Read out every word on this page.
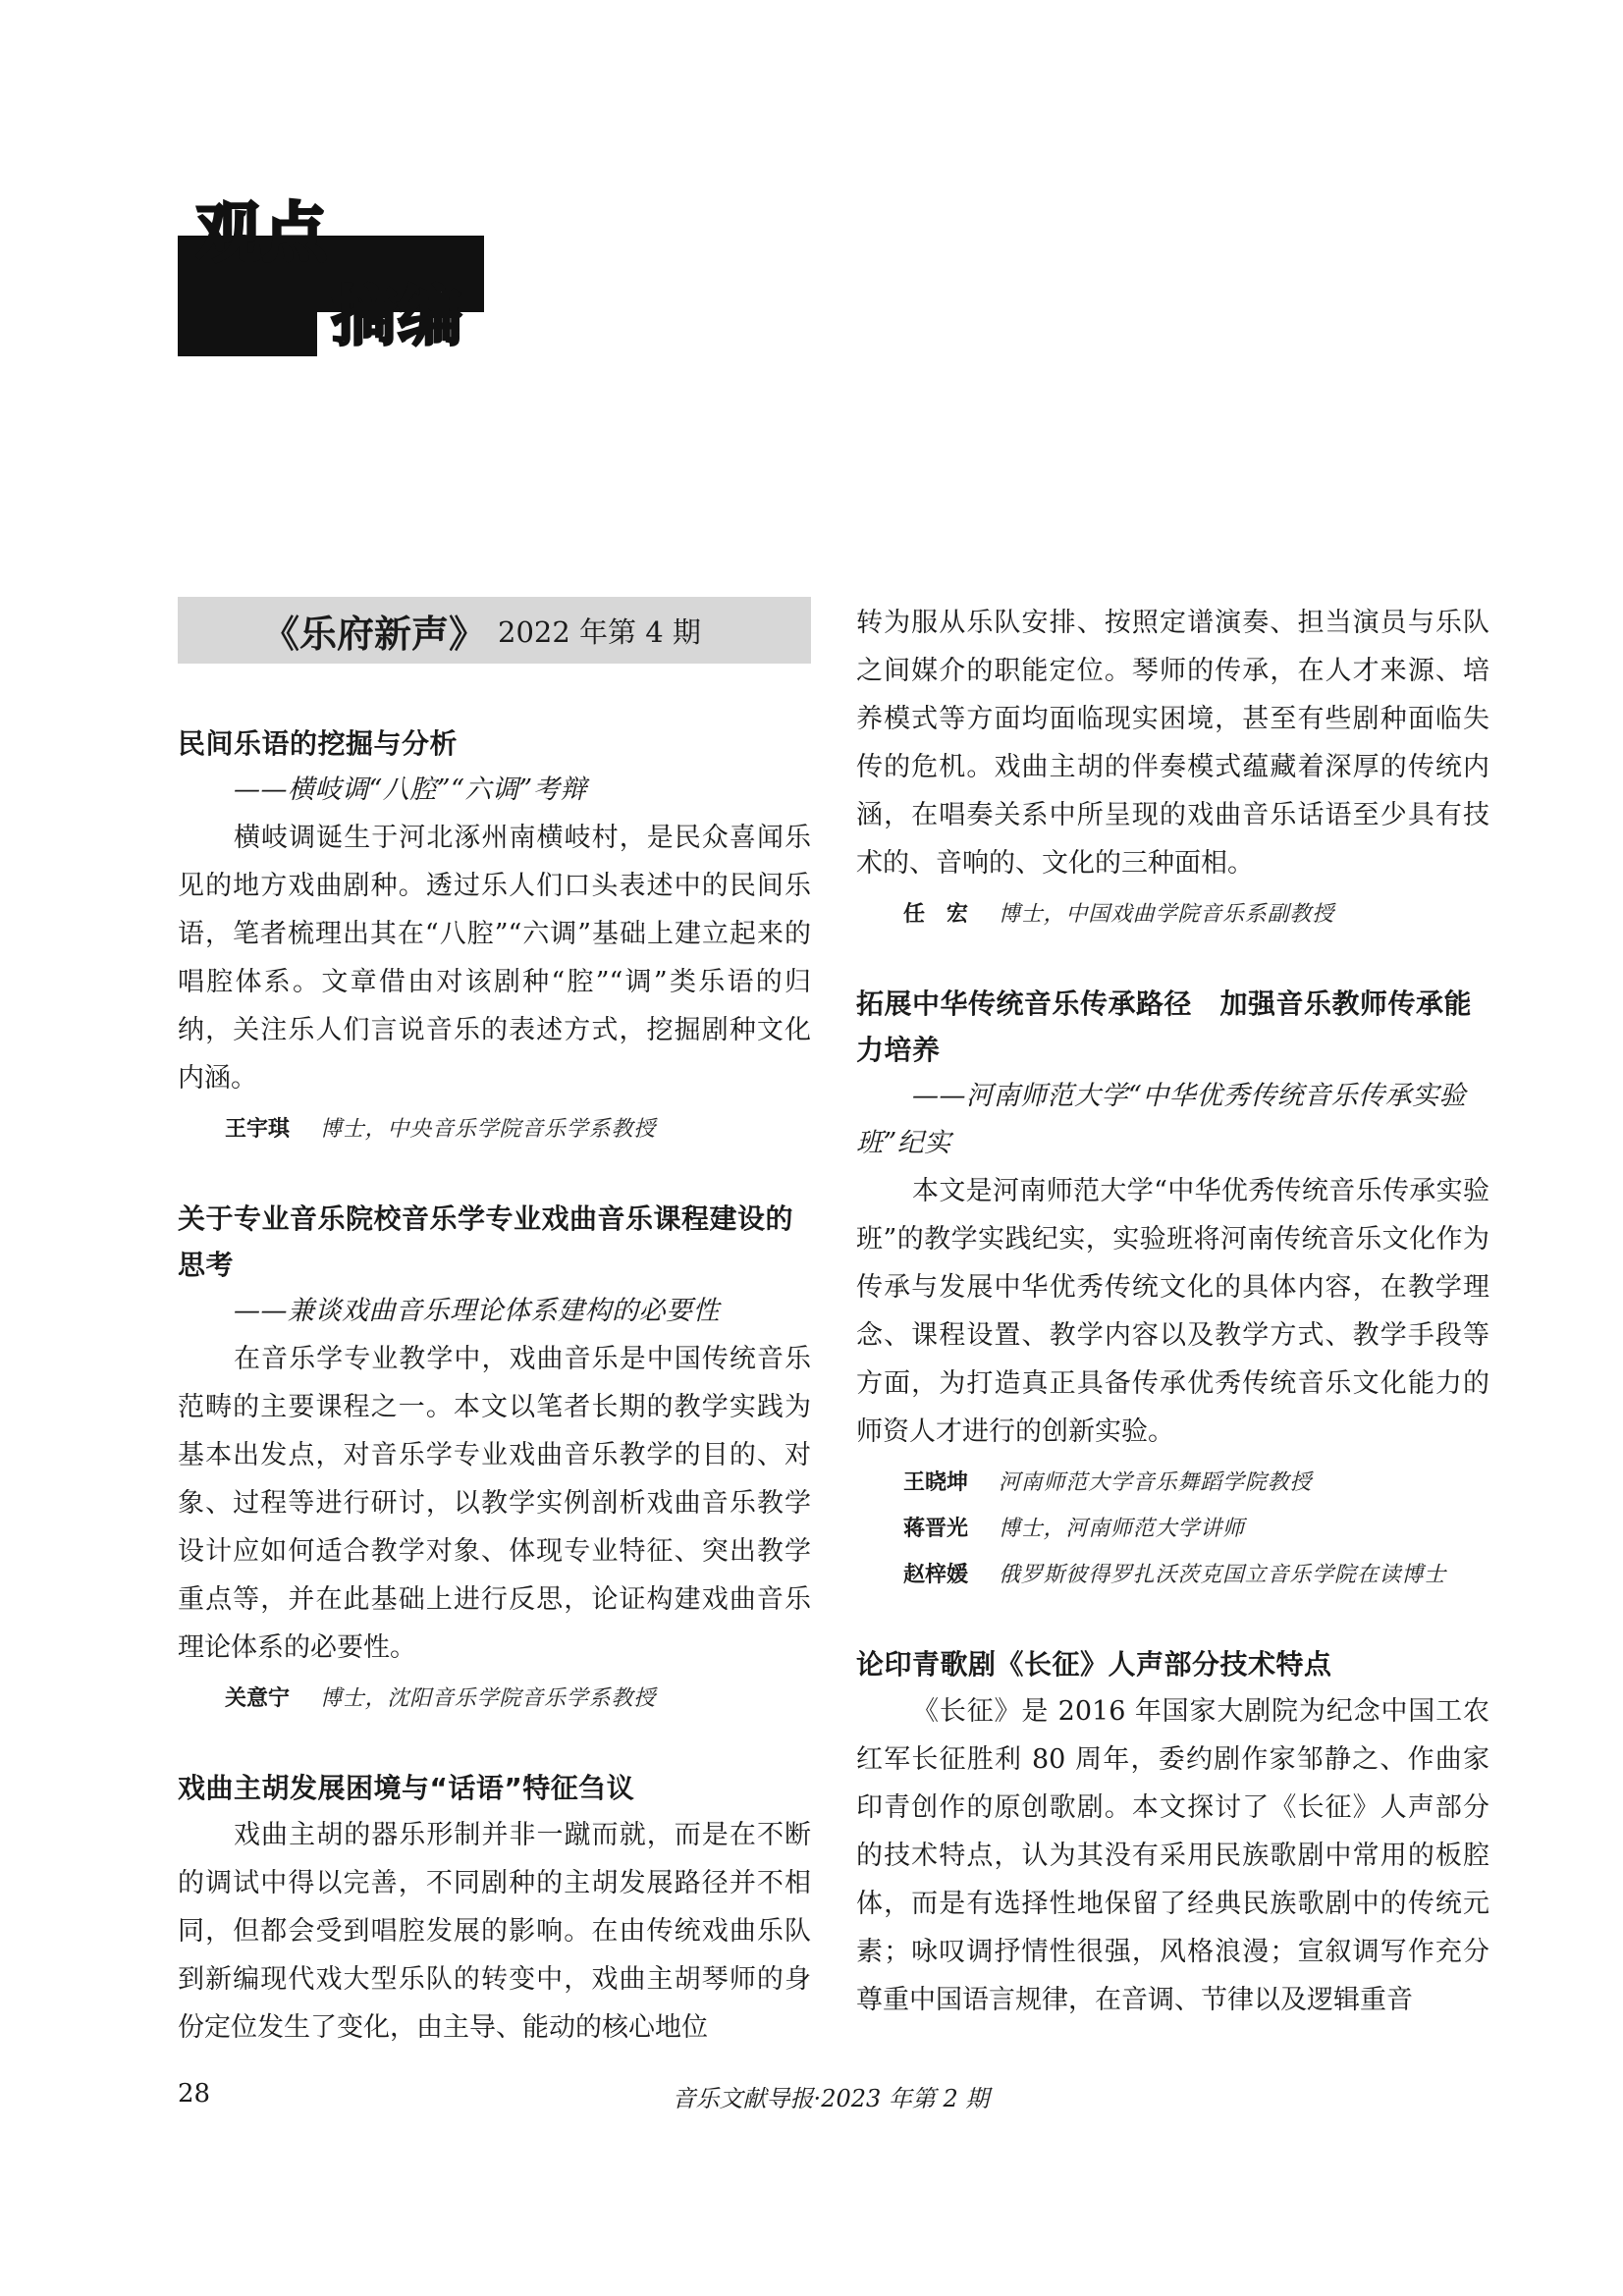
观点
摘编
《乐府新声》 2022 年第 4 期

民间乐语的挖掘与分析

——横岐调“八腔”“六调”考辩

横岐调诞生于河北涿州南横岐村，是民众喜闻乐见的地方戏曲剧种。透过乐人们口头表述中的民间乐语，笔者梳理出其在“八腔”“六调”基础上建立起来的唱腔体系。文章借由对该剧种“腔”“调”类乐语的归纳，关注乐人们言说音乐的表述方式，挖掘剧种文化内涵。

王宇琪	博士，中央音乐学院音乐学系教授

关于专业音乐院校音乐学专业戏曲音乐课程建设的思考

——兼谈戏曲音乐理论体系建构的必要性

在音乐学专业教学中，戏曲音乐是中国传统音乐范畴的主要课程之一。本文以笔者长期的教学实践为基本出发点，对音乐学专业戏曲音乐教学的目的、对象、过程等进行研讨，以教学实例剖析戏曲音乐教学设计应如何适合教学对象、体现专业特征、突出教学重点等，并在此基础上进行反思，论证构建戏曲音乐理论体系的必要性。

关意宁	博士，沈阳音乐学院音乐学系教授

戏曲主胡发展困境与“话语”特征刍议

戏曲主胡的器乐形制并非一蹴而就，而是在不断的调试中得以完善，不同剧种的主胡发展路径并不相同，但都会受到唱腔发展的影响。在由传统戏曲乐队到新编现代戏大型乐队的转变中，戏曲主胡琴师的身份定位发生了变化，由主导、能动的核心地位

转为服从乐队安排、按照定谱演奏、担当演员与乐队之间媒介的职能定位。琴师的传承，在人才来源、培养模式等方面均面临现实困境，甚至有些剧种面临失传的危机。戏曲主胡的伴奏模式蕴藏着深厚的传统内涵，在唱奏关系中所呈现的戏曲音乐话语至少具有技术的、音响的、文化的三种面相。

任　宏	博士，中国戏曲学院音乐系副教授

拓展中华传统音乐传承路径　加强音乐教师传承能力培养

——河南师范大学“中华优秀传统音乐传承实验班”纪实

本文是河南师范大学“中华优秀传统音乐传承实验班”的教学实践纪实，实验班将河南传统音乐文化作为传承与发展中华优秀传统文化的具体内容，在教学理念、课程设置、教学内容以及教学方式、教学手段等方面，为打造真正具备传承优秀传统音乐文化能力的师资人才进行的创新实验。

王晓坤	河南师范大学音乐舞蹈学院教授
蒋晋光	博士，河南师范大学讲师
赵梓媛	俄罗斯彼得罗扎沃茨克国立音乐学院在读博士

论印青歌剧《长征》人声部分技术特点

《长征》是 2016 年国家大剧院为纪念中国工农红军长征胜利 80 周年，委约剧作家邹静之、作曲家印青创作的原创歌剧。本文探讨了《长征》人声部分的技术特点，认为其没有采用民族歌剧中常用的板腔体，而是有选择性地保留了经典民族歌剧中的传统元素；咏叹调抒情性很强，风格浪漫；宣叙调写作充分尊重中国语言规律，在音调、节律以及逻辑重音

28	音乐文献导报·2023 年第 2 期
